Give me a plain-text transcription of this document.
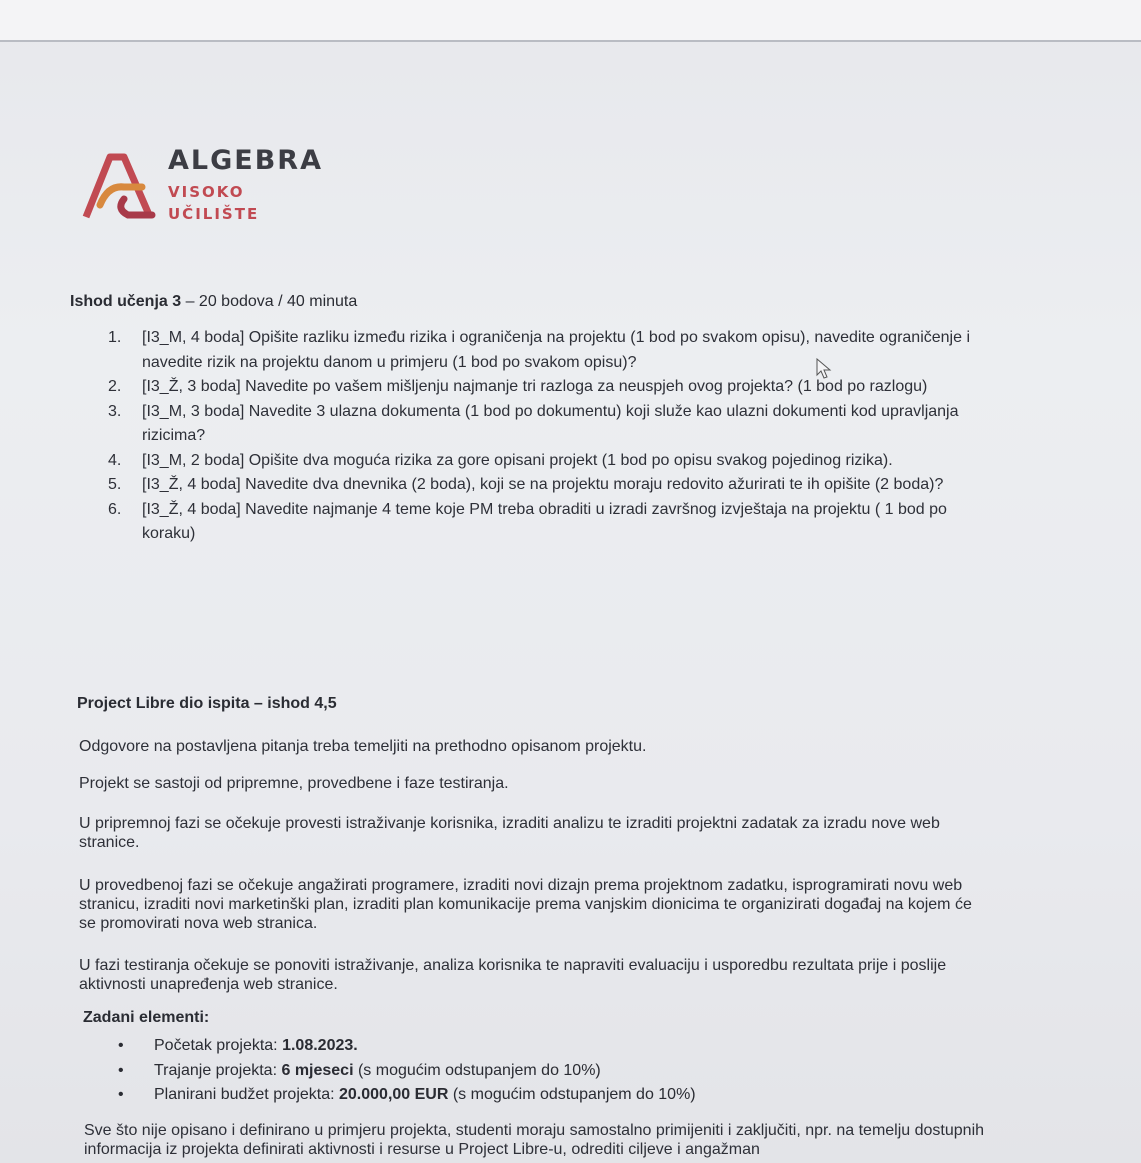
ALGEBRA
VISOKO
UČILIŠTE
Ishod učenja 3 – 20 bodova / 40 minuta
1. [I3_M, 4 boda] Opišite razliku između rizika i ograničenja na projektu (1 bod po svakom opisu), navedite ograničenje i navedite rizik na projektu danom u primjeru (1 bod po svakom opisu)?
2. [I3_Ž, 3 boda] Navedite po vašem mišljenju najmanje tri razloga za neuspjeh ovog projekta? (1 bod po razlogu)
3. [I3_M, 3 boda] Navedite 3 ulazna dokumenta (1 bod po dokumentu) koji služe kao ulazni dokumenti kod upravljanja rizicima?
4. [I3_M, 2 boda] Opišite dva moguća rizika za gore opisani projekt (1 bod po opisu svakog pojedinog rizika).
5. [I3_Ž, 4 boda] Navedite dva dnevnika (2 boda), koji se na projektu moraju redovito ažurirati te ih opišite (2 boda)?
6. [I3_Ž, 4 boda] Navedite najmanje 4 teme koje PM treba obraditi u izradi završnog izvještaja na projektu ( 1 bod po koraku)
Project Libre dio ispita – ishod 4,5
Odgovore na postavljena pitanja treba temeljiti na prethodno opisanom projektu.
Projekt se sastoji od pripremne, provedbene i faze testiranja.
U pripremnoj fazi se očekuje provesti istraživanje korisnika, izraditi analizu te izraditi projektni zadatak za izradu nove web stranice.
U provedbenoj fazi se očekuje angažirati programere, izraditi novi dizajn prema projektnom zadatku, isprogramirati novu web stranicu, izraditi novi marketinški plan, izraditi plan komunikacije prema vanjskim dionicima te organizirati događaj na kojem će se promovirati nova web stranica.
U fazi testiranja očekuje se ponoviti istraživanje, analiza korisnika te napraviti evaluaciju i usporedbu rezultata prije i poslije aktivnosti unapređenja web stranice.
Zadani elementi:
• Početak projekta: 1.08.2023.
• Trajanje projekta: 6 mjeseci (s mogućim odstupanjem do 10%)
• Planirani budžet projekta: 20.000,00 EUR (s mogućim odstupanjem do 10%)
Sve što nije opisano i definirano u primjeru projekta, studenti moraju samostalno primijeniti i zaključiti, npr. na temelju dostupnih informacija iz projekta definirati aktivnosti i resurse u Project Libre-u, odrediti ciljeve i angažman
